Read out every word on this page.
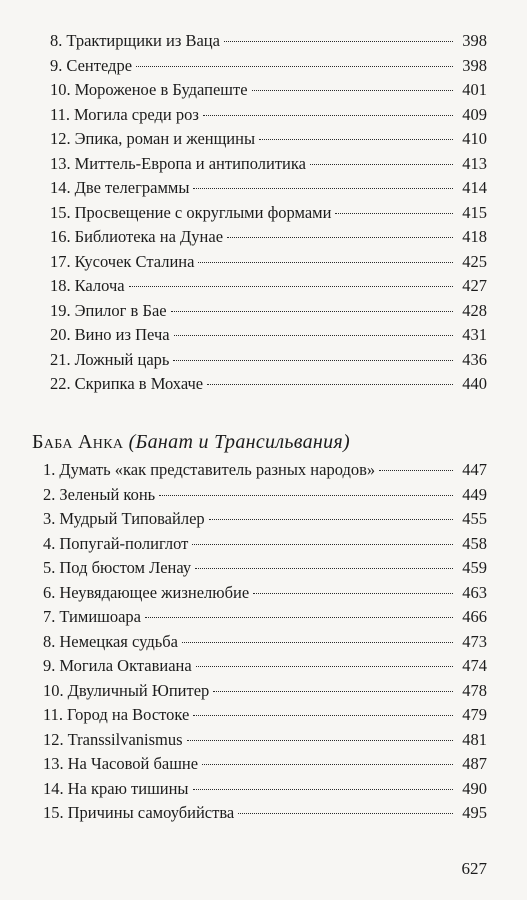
8. Трактирщики из Ваца	398
9. Сентедре	398
10. Мороженое в Будапеште	401
11. Могила среди роз	409
12. Эпика, роман и женщины	410
13. Миттель-Европа и антиполитика	413
14. Две телеграммы	414
15. Просвещение с округлыми формами	415
16. Библиотека на Дунае	418
17. Кусочек Сталина	425
18. Калоча	427
19. Эпилог в Бае	428
20. Вино из Печа	431
21. Ложный царь	436
22. Скрипка в Мохаче	440
Баба Анка (Банат и Трансильвания)
1. Думать «как представитель разных народов»	447
2. Зеленый конь	449
3. Мудрый Типовайлер	455
4. Попугай-полиглот	458
5. Под бюстом Ленау	459
6. Неувядающее жизнелюбие	463
7. Тимишоара	466
8. Немецкая судьба	473
9. Могила Октавиана	474
10. Двуличный Юпитер	478
11. Город на Востоке	479
12. Transsilvanismus	481
13. На Часовой башне	487
14. На краю тишины	490
15. Причины самоубийства	495
627
